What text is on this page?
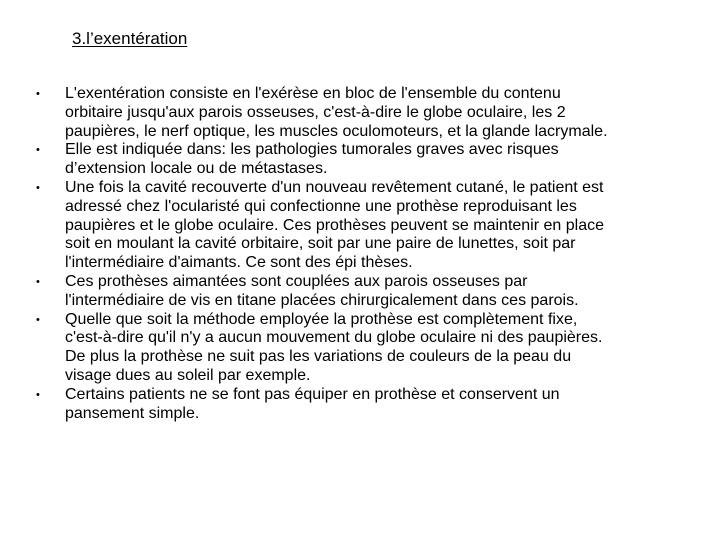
3.l’exentération
• L'exentération consiste en l'exérèse en bloc de l'ensemble du contenu
orbitaire jusqu'aux parois osseuses, c'est-à-dire le globe oculaire, les 2
paupières, le nerf optique, les muscles oculomoteurs, et la glande lacrymale.
• Elle est indiquée dans: les pathologies tumorales graves avec risques
d’extension locale ou de métastases.
• Une fois la cavité recouverte d'un nouveau revêtement cutané, le patient est
adressé chez l'ocularisté qui confectionne une prothèse reproduisant les
paupières et le globe oculaire. Ces prothèses peuvent se maintenir en place
soit en moulant la cavité orbitaire, soit par une paire de lunettes, soit par
l'intermédiaire d'aimants. Ce sont des épi thèses.
• Ces prothèses aimantées sont couplées aux parois osseuses par
l'intermédiaire de vis en titane placées chirurgicalement dans ces parois.
• Quelle que soit la méthode employée la prothèse est complètement fixe,
c'est-à-dire qu'il n'y a aucun mouvement du globe oculaire ni des paupières.
De plus la prothèse ne suit pas les variations de couleurs de la peau du
visage dues au soleil par exemple.
• Certains patients ne se font pas équiper en prothèse et conservent un
pansement simple.
